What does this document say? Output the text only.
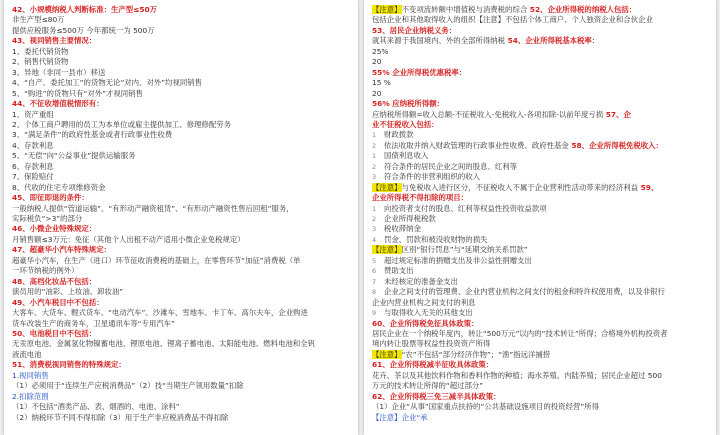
42、小规模纳税人判断标准：生产型≤50万
非生产型≤80万
提供应税服务≤500万 今年都统一为 500万
43、视同销售主要情况：
1、委托代销货物
2、销售代销货物
3、异地（非同一县市）移送
4、“自产、委托加工”的货物无论“对内、对外”均视同销售
5、“购进”的货物只有“对外”才视同销售
44、不征收增值税情形有：
1、资产重组
2、个体工商户聘用的员工为本单位或雇主提供加工、修理修配劳务
3、“满足条件”的政府性基金或者行政事业性收费
4、存款利息
5、“无偿”向“公益事业”提供运输服务
6、存款利息
7、保险赔付
8、代收的住宅专项维修资金
45、即征即退的条件：
一般纳税人提供“管道运输”、“有形动产融资租赁”、“有形动产融资性售后回租”服务，
实际税负“>3”的部分
46、小微企业特殊规定：
月销售额≤3万元：免征（其他个人出租不动产适用小微企业免税规定）
47、超豪华小汽车特殊规定：
超豪华小汽车，在生产（进口）环节征收消费税的基础上，在零售环节“加征”消费税（单
一环节纳税的例外）
48、高档化妆品不包括：
演员用的“油彩、上妆油、卸妆油”
49、小汽车税目中不包括：
大客车、大货车、輕式货车、“电动汽车”、沙滩车、雪地车、卡丁车、高尔夫车，企业购进
货车改装生产的商务车，卫星通讯车等“专用汽车”
50、电池税目中不包括：
无汞原电池、金属氢化物镍蓄电池、锂原电池、锂离子蓄电池、太阳能电池、燃料电池和全钒
液流电池
51、消费税视同销售的特殊规定：
1.视同销售
（1）必须用于“连续生产应税消费品”（2）技“当期生产领用数量”扣除
2.扣除范围
（1）不包括“酒类产品、表、烟酒的、电池、涂料”
（2）纳税环节不同不得扣除（3）用于生产非应税消费品不得扣除
【注意】不变项流转额中增值税与消费税的综合 52、企业所得税的纳税人包括：
包括企业和其他取得收入的组织【注意】不包括个体工商户、个人独资企业和合伙企业
53、居民企业纳税义务：
就其来源于我国境内、外的全部所得纳税 54、企业所得税基本税率：
25%
20
55% 企业所得税优惠税率：
15 %
20
56% 应纳税所得额：
应纳税所得额=收入总额-不征税收入-免税收入-各项扣除-以前年度亏损 57、企
业不征税收入包括：
1	财政拨款
2	依法收取并纳入财政管理的行政事业性收费、政府性基金 58、企业所得税免税收入：
1	国债利息收入
2	符合条件的居民企业之间的股息、红利等
3	符合条件的非营利组织的收入
【注意】与免税收入进行区分，不征税收入不属于企业营利性活动带来的经济利益 59、
企业所得税不得扣除的项目：
1	向投资者支付的股息、红利等权益性投资收益款项
2	企业所得税税款
3	税收滞纳金
4	罚金、罚款和被没收财物的损失
【注意】区别“银行罚息”与“延期交纳关系罚款”
5	超过规定标准的捐赠支出及非公益性捐赠支出
6	赞助支出
7	未经核定的准备金支出
8	企业之间支付的管理费、企业内营业机构之间支付的租金和特许权使用费，以及非银行
企业内营业机构之间支付的利息
9	与取得收入无关的其他支出
60、企业所得税免征具体政策：
居民企业在一个纳税年度内，转让“500万元”以内的“技术转让”所得；合格境外机构投资者
境内转让股票等权益性投资资产所得
【注意】“农”不包括“部分经济作物”；“渔”指远洋捕捞
61、企业所得税减半征收具体政策：
花卉、茶以及其他饮料作物和香料作物的种植；海水养殖、内陆养殖；居民企业超过 500
万元的技术转让所得的“超过部分”
62、企业所得税三免三减半具体政策：
（1）企业“从事”国家重点扶持的“公共基础设施项目的投资经营”所得
【注意】企业“承
